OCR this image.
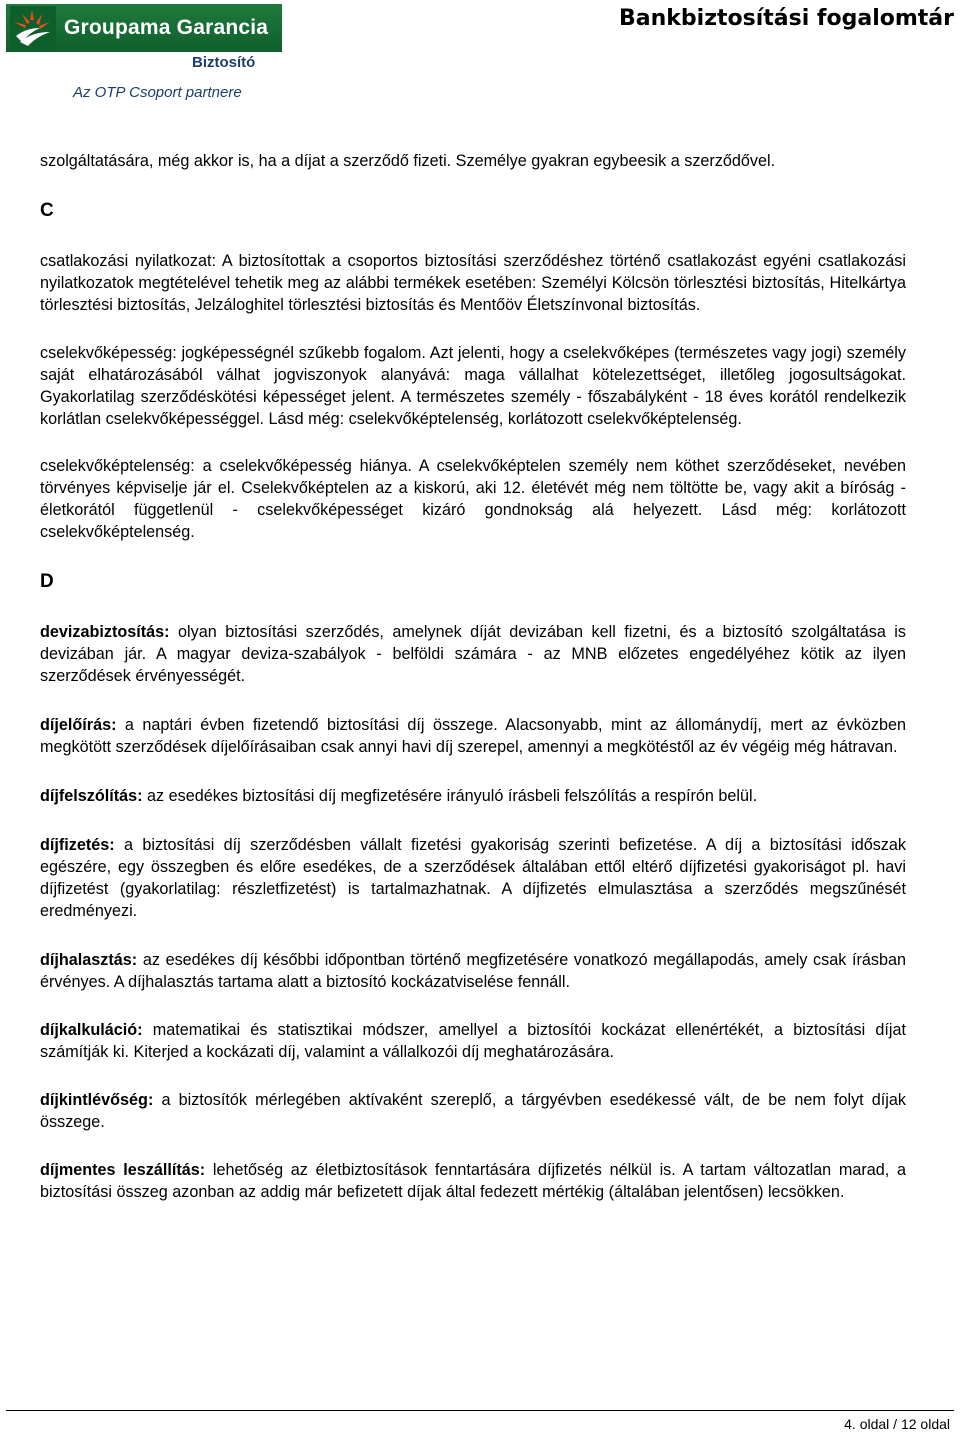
Groupama Garancia
Biztosító
Az OTP Csoport partnere
Bankbiztosítási fogalomtár

szolgáltatására, még akkor is, ha a díjat a szerződő fizeti. Személye gyakran egybeesik a szerződővel.

C

csatlakozási nyilatkozat: A biztosítottak a csoportos biztosítási szerződéshez történő csatlakozást egyéni csatlakozási nyilatkozatok megtételével tehetik meg az alábbi termékek esetében: Személyi Kölcsön törlesztési biztosítás, Hitelkártya törlesztési biztosítás, Jelzáloghitel törlesztési biztosítás és Mentőöv Életszínvonal biztosítás.

cselekvőképesség: jogképességnél szűkebb fogalom. Azt jelenti, hogy a cselekvőképes (természetes vagy jogi) személy saját elhatározásából válhat jogviszonyok alanyává: maga vállalhat kötelezettséget, illetőleg jogosultságokat. Gyakorlatilag szerződéskötési képességet jelent. A természetes személy - főszabályként - 18 éves korától rendelkezik korlátlan cselekvőképességgel. Lásd még: cselekvőképtelenség, korlátozott cselekvőképtelenség.

cselekvőképtelenség: a cselekvőképesség hiánya. A cselekvőképtelen személy nem köthet szerződéseket, nevében törvényes képviselje jár el. Cselekvőképtelen az a kiskorú, aki 12. életévét még nem töltötte be, vagy akit a bíróság - életkorától függetlenül - cselekvőképességet kizáró gondnokság alá helyezett. Lásd még: korlátozott cselekvőképtelenség.

D

devizabiztosítás: olyan biztosítási szerződés, amelynek díját devizában kell fizetni, és a biztosító szolgáltatása is devizában jár. A magyar deviza-szabályok - belföldi számára - az MNB előzetes engedélyéhez kötik az ilyen szerződések érvényességét.

díjelőírás: a naptári évben fizetendő biztosítási díj összege. Alacsonyabb, mint az állománydíj, mert az évközben megkötött szerződések díjelőírásaiban csak annyi havi díj szerepel, amennyi a megkötéstől az év végéig még hátravan.

díjfelszólítás: az esedékes biztosítási díj megfizetésére irányuló írásbeli felszólítás a respírón belül.

díjfizetés: a biztosítási díj szerződésben vállalt fizetési gyakoriság szerinti befizetése. A díj a biztosítási időszak egészére, egy összegben és előre esedékes, de a szerződések általában ettől eltérő díjfizetési gyakoriságot pl. havi díjfizetést (gyakorlatilag: részletfizetést) is tartalmazhatnak. A díjfizetés elmulasztása a szerződés megszűnését eredményezi.

díjhalasztás: az esedékes díj későbbi időpontban történő megfizetésére vonatkozó megállapodás, amely csak írásban érvényes. A díjhalasztás tartama alatt a biztosító kockázatviselése fennáll.

díjkalkuláció: matematikai és statisztikai módszer, amellyel a biztosítói kockázat ellenértékét, a biztosítási díjat számítják ki. Kiterjed a kockázati díj, valamint a vállalkozói díj meghatározására.

díjkintlévőség: a biztosítók mérlegében aktívaként szereplő, a tárgyévben esedékessé vált, de be nem folyt díjak összege.

díjmentes leszállítás: lehetőség az életbiztosítások fenntartására díjfizetés nélkül is. A tartam változatlan marad, a biztosítási összeg azonban az addig már befizetett díjak által fedezett mértékig (általában jelentősen) lecsökken.

4. oldal / 12 oldal
